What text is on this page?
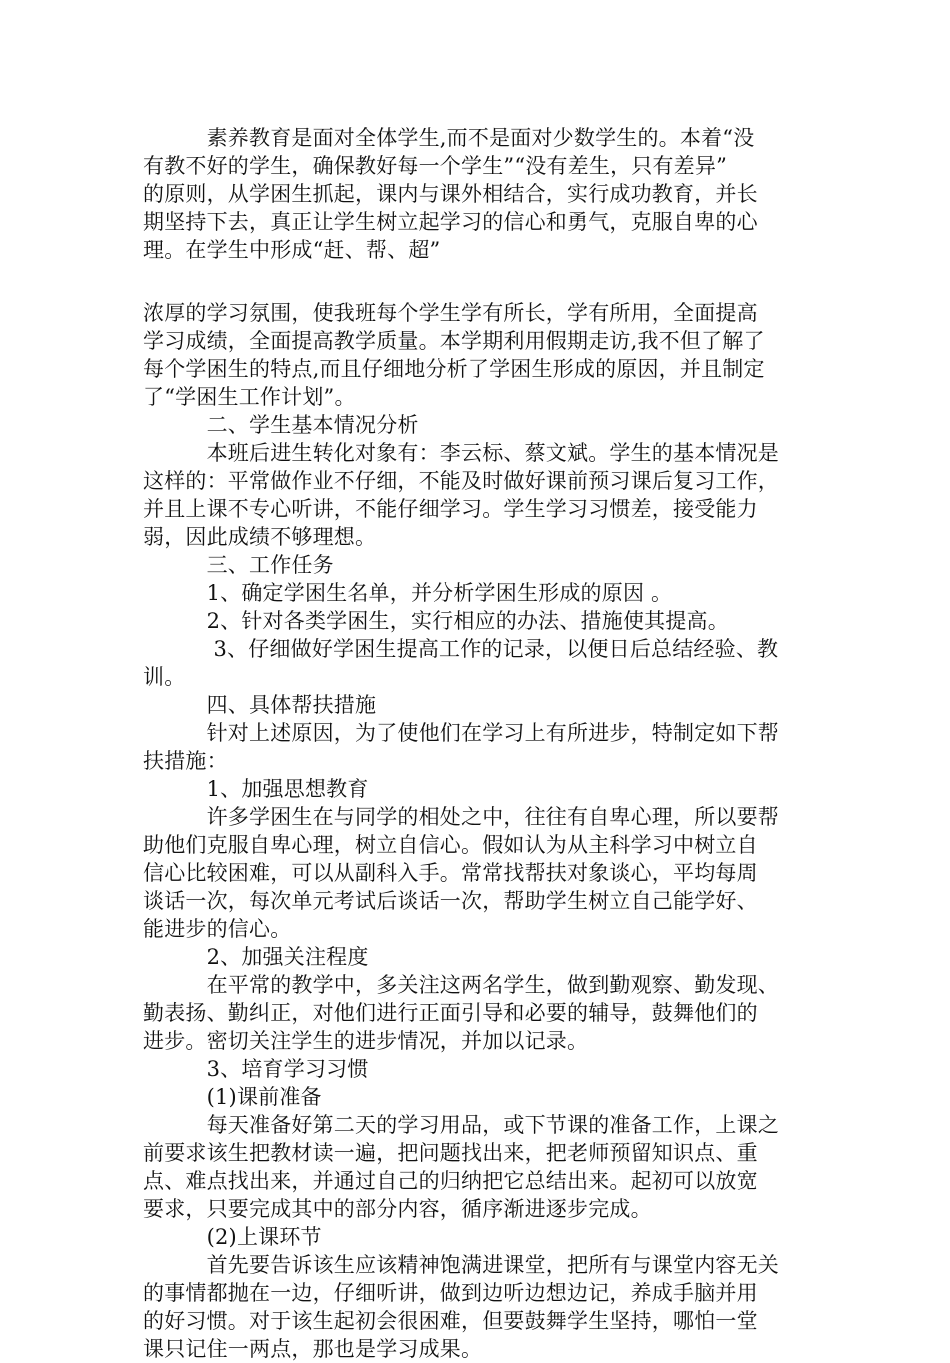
　　　素养教育是面对全体学生,而不是面对少数学生的。本着“没
有教不好的学生，确保教好每一个学生”“没有差生，只有差异”
的原则，从学困生抓起，课内与课外相结合，实行成功教育，并长
期坚持下去，真正让学生树立起学习的信心和勇气，克服自卑的心
理。在学生中形成“赶、帮、超”
浓厚的学习氛围，使我班每个学生学有所长，学有所用，全面提高
学习成绩，全面提高教学质量。本学期利用假期走访,我不但了解了
每个学困生的特点,而且仔细地分析了学困生形成的原因，并且制定
了“学困生工作计划”。
　　　二、学生基本情况分析
　　　本班后进生转化对象有：李云标、蔡文斌。学生的基本情况是
这样的：平常做作业不仔细，不能及时做好课前预习课后复习工作，
并且上课不专心听讲，不能仔细学习。学生学习习惯差，接受能力
弱，因此成绩不够理想。
　　　三、工作任务
　　　1、确定学困生名单，并分析学困生形成的原因 。
　　　2、针对各类学困生，实行相应的办法、措施使其提高。
　　　 3、仔细做好学困生提高工作的记录，以便日后总结经验、教
训。
　　　四、具体帮扶措施
　　　针对上述原因，为了使他们在学习上有所进步，特制定如下帮
扶措施：
　　　1、加强思想教育
　　　许多学困生在与同学的相处之中，往往有自卑心理，所以要帮
助他们克服自卑心理，树立自信心。假如认为从主科学习中树立自
信心比较困难，可以从副科入手。常常找帮扶对象谈心，平均每周
谈话一次，每次单元考试后谈话一次，帮助学生树立自己能学好、
能进步的信心。
　　　2、加强关注程度
　　　在平常的教学中，多关注这两名学生，做到勤观察、勤发现、
勤表扬、勤纠正，对他们进行正面引导和必要的辅导，鼓舞他们的
进步。密切关注学生的进步情况，并加以记录。
　　　3、培育学习习惯
　　　(1)课前准备
　　　每天准备好第二天的学习用品，或下节课的准备工作，上课之
前要求该生把教材读一遍，把问题找出来，把老师预留知识点、重
点、难点找出来，并通过自己的归纳把它总结出来。起初可以放宽
要求，只要完成其中的部分内容，循序渐进逐步完成。
　　　(2)上课环节
　　　首先要告诉该生应该精神饱满进课堂，把所有与课堂内容无关
的事情都抛在一边，仔细听讲，做到边听边想边记，养成手脑并用
的好习惯。对于该生起初会很困难，但要鼓舞学生坚持，哪怕一堂
课只记住一两点，那也是学习成果。
